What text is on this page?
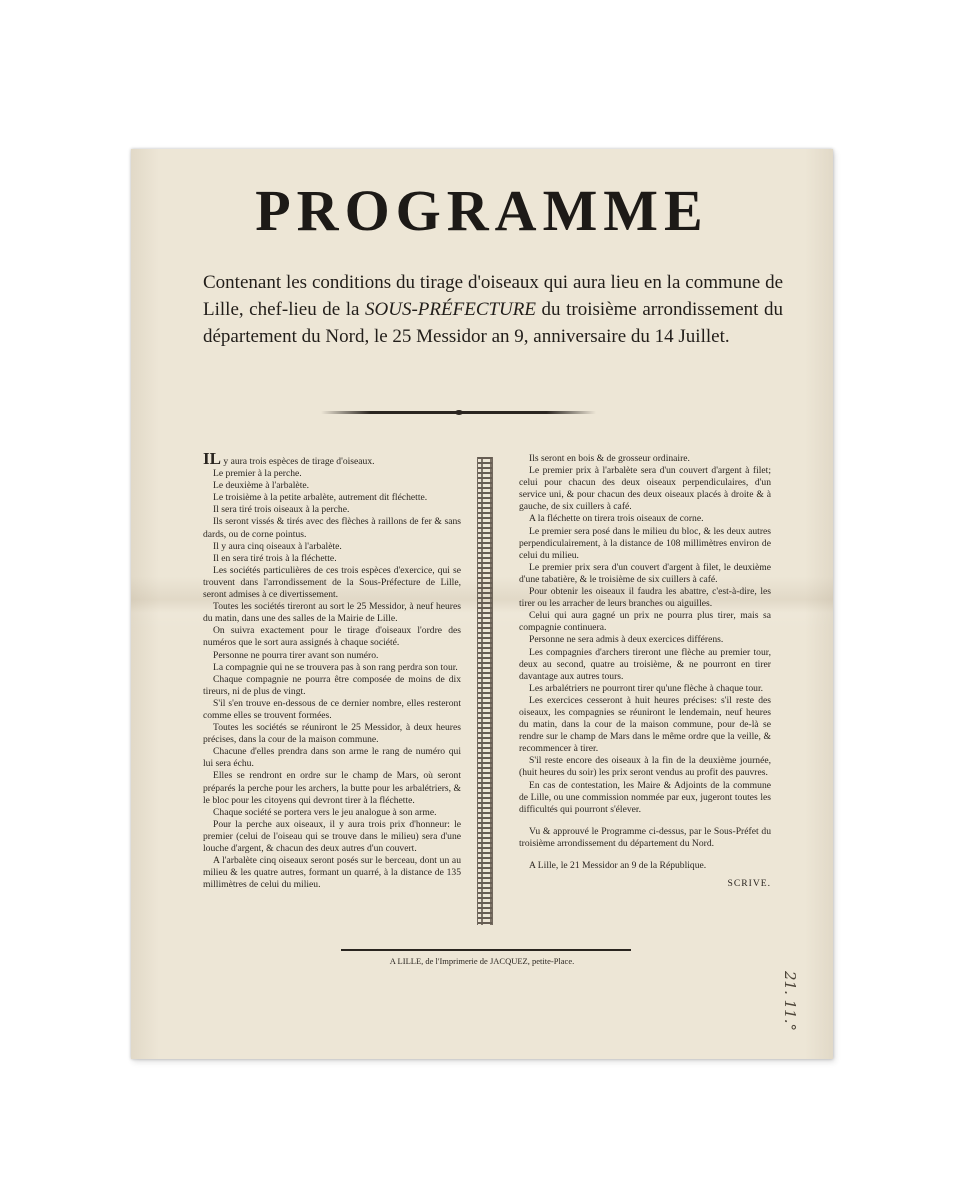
PROGRAMME
Contenant les conditions du tirage d'oiseaux qui aura lieu en la commune de Lille, chef-lieu de la SOUS-PRÉFECTURE du troisième arrondissement du département du Nord, le 25 Messidor an 9, anniversaire du 14 Juillet.

IL y aura trois espèces de tirage d'oiseaux.

Le premier à la perche.

Le deuxième à l'arbalète.

Le troisième à la petite arbalète, autrement dit fléchette.

Il sera tiré trois oiseaux à la perche.

Ils seront vissés & tirés avec des flèches à raillons de fer & sans dards, ou de corne pointus.

Il y aura cinq oiseaux à l'arbalète.

Il en sera tiré trois à la fléchette.

Les sociétés particulières de ces trois espèces d'exercice, qui se trouvent dans l'arrondissement de la Sous-Préfecture de Lille, seront admises à ce divertissement.

Toutes les sociétés tireront au sort le 25 Messidor, à neuf heures du matin, dans une des salles de la Mairie de Lille.

On suivra exactement pour le tirage d'oiseaux l'ordre des numéros que le sort aura assignés à chaque société.

Personne ne pourra tirer avant son numéro.

La compagnie qui ne se trouvera pas à son rang perdra son tour.

Chaque compagnie ne pourra être composée de moins de dix tireurs, ni de plus de vingt.

S'il s'en trouve en-dessous de ce dernier nombre, elles resteront comme elles se trouvent formées.

Toutes les sociétés se réuniront le 25 Messidor, à deux heures précises, dans la cour de la maison commune.

Chacune d'elles prendra dans son arme le rang de numéro qui lui sera échu.

Elles se rendront en ordre sur le champ de Mars, où seront préparés la perche pour les archers, la butte pour les arbalétriers, & le bloc pour les citoyens qui devront tirer à la fléchette.

Chaque société se portera vers le jeu analogue à son arme.

Pour la perche aux oiseaux, il y aura trois prix d'honneur: le premier (celui de l'oiseau qui se trouve dans le milieu) sera d'une louche d'argent, & chacun des deux autres d'un couvert.

A l'arbalète cinq oiseaux seront posés sur le berceau, dont un au milieu & les quatre autres, formant un quarré, à la distance de 135 millimètres de celui du milieu.

Ils seront en bois & de grosseur ordinaire.

Le premier prix à l'arbalète sera d'un couvert d'argent à filet; celui pour chacun des deux oiseaux perpendiculaires, d'un service uni, & pour chacun des deux oiseaux placés à droite & à gauche, de six cuillers à café.

A la fléchette on tirera trois oiseaux de corne.

Le premier sera posé dans le milieu du bloc, & les deux autres perpendiculairement, à la distance de 108 millimètres environ de celui du milieu.

Le premier prix sera d'un couvert d'argent à filet, le deuxième d'une tabatière, & le troisième de six cuillers à café.

Pour obtenir les oiseaux il faudra les abattre, c'est-à-dire, les tirer ou les arracher de leurs branches ou aiguilles.

Celui qui aura gagné un prix ne pourra plus tirer, mais sa compagnie continuera.

Personne ne sera admis à deux exercices différens.

Les compagnies d'archers tireront une flèche au premier tour, deux au second, quatre au troisième, & ne pourront en tirer davantage aux autres tours.

Les arbalétriers ne pourront tirer qu'une flèche à chaque tour.

Les exercices cesseront à huit heures précises: s'il reste des oiseaux, les compagnies se réuniront le lendemain, neuf heures du matin, dans la cour de la maison commune, pour de-là se rendre sur le champ de Mars dans le même ordre que la veille, & recommencer à tirer.

S'il reste encore des oiseaux à la fin de la deuxième journée, (huit heures du soir) les prix seront vendus au profit des pauvres.

En cas de contestation, les Maire & Adjoints de la commune de Lille, ou une commission nommée par eux, jugeront toutes les difficultés qui pourront s'élever.

Vu & approuvé le Programme ci-dessus, par le Sous-Préfet du troisième arrondissement du département du Nord.

A Lille, le 21 Messidor an 9 de la République.

SCRIVE.

A LILLE, de l'Imprimerie de JACQUEZ, petite-Place.
21. 11.°
